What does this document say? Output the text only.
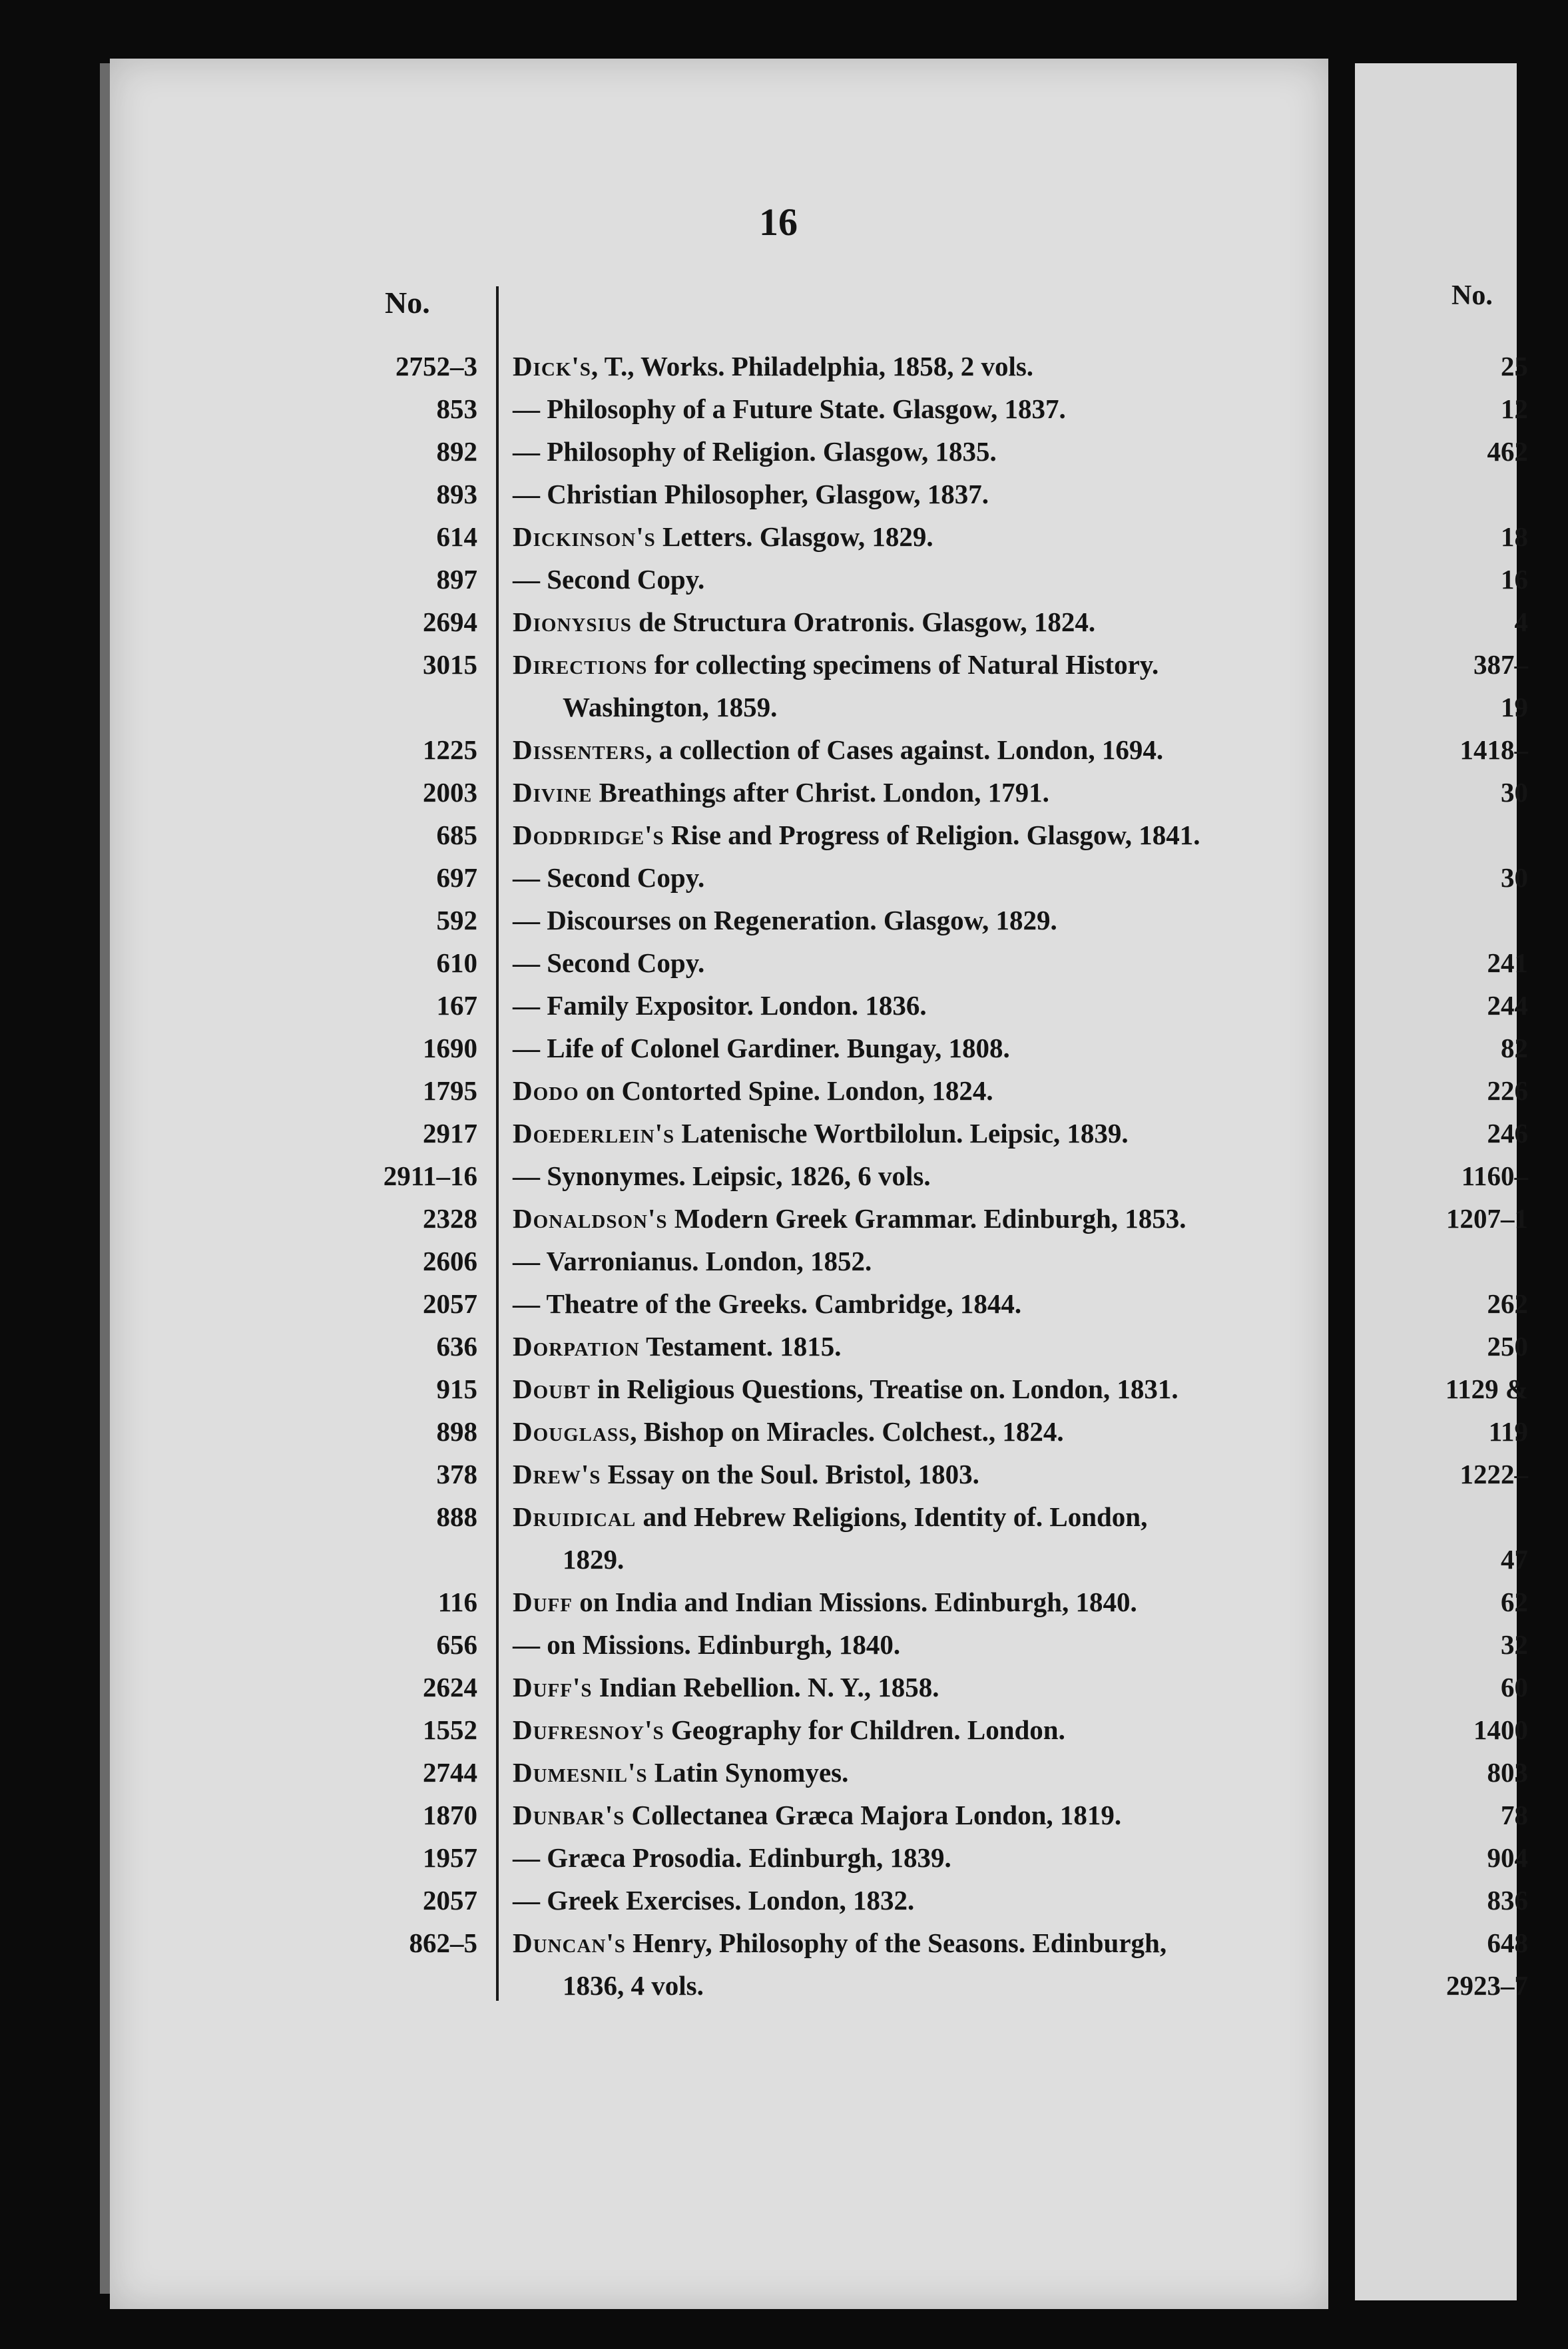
16
No.
2752–3 Dick's, T., Works. Philadelphia, 1858, 2 vols.
853 — Philosophy of a Future State. Glasgow, 1837.
892 — Philosophy of Religion. Glasgow, 1835.
893 — Christian Philosopher, Glasgow, 1837.
614 Dickinson's Letters. Glasgow, 1829.
897 — Second Copy.
2694 Dionysius de Structura Oratronis. Glasgow, 1824.
3015 Directions for collecting specimens of Natural History.
Washington, 1859.
1225 Dissenters, a collection of Cases against. London, 1694.
2003 Divine Breathings after Christ. London, 1791.
685 Doddridge's Rise and Progress of Religion. Glasgow, 1841.
697 — Second Copy.
592 — Discourses on Regeneration. Glasgow, 1829.
610 — Second Copy.
167 — Family Expositor. London. 1836.
1690 — Life of Colonel Gardiner. Bungay, 1808.
1795 Dodo on Contorted Spine. London, 1824.
2917 Doederlein's Latenische Wortbilolun. Leipsic, 1839.
2911–16 — Synonymes. Leipsic, 1826, 6 vols.
2328 Donaldson's Modern Greek Grammar. Edinburgh, 1853.
2606 — Varronianus. London, 1852.
2057 — Theatre of the Greeks. Cambridge, 1844.
636 Dorpation Testament. 1815.
915 Doubt in Religious Questions, Treatise on. London, 1831.
898 Douglass, Bishop on Miracles. Colchest., 1824.
378 Drew's Essay on the Soul. Bristol, 1803.
888 Druidical and Hebrew Religions, Identity of. London,
1829.
116 Duff on India and Indian Missions. Edinburgh, 1840.
656 — on Missions. Edinburgh, 1840.
2624 Duff's Indian Rebellion. N. Y., 1858.
1552 Dufresnoy's Geography for Children. London.
2744 Dumesnil's Latin Synomyes.
1870 Dunbar's Collectanea Græca Majora London, 1819.
1957 — Græca Prosodia. Edinburgh, 1839.
2057 — Greek Exercises. London, 1832.
862–5 Duncan's Henry, Philosophy of the Seasons. Edinburgh,
1836, 4 vols.
No.
25
12
462
18
16
4
387–
19
1418–
30
30
241
244
82
226
246
1160–
1207–1
262
250
1129 &
119
1222–
47
62
32
60
1400
803
78
904
836
648
2923–7
